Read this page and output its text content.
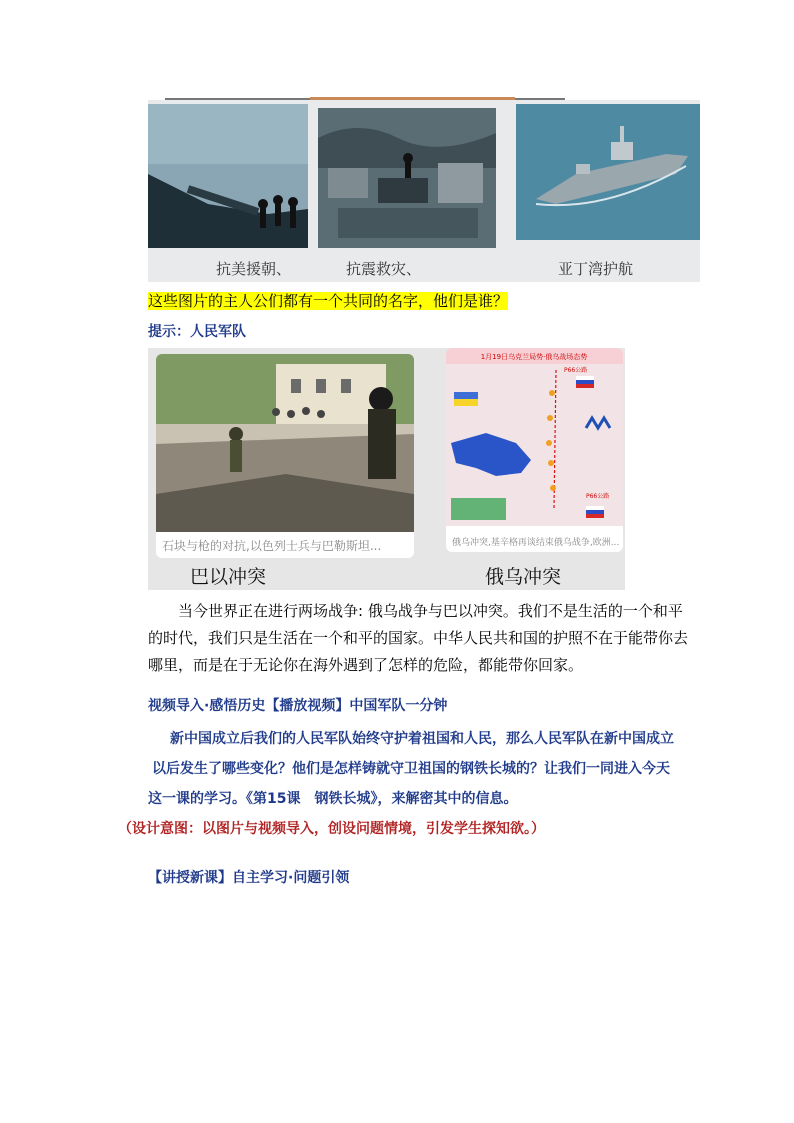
抗美援朝、	抗震救灾、	亚丁湾护航
这些图片的主人公们都有一个共同的名字，他们是谁？
提示：人民军队
石块与枪的对抗,以色列士兵与巴勒斯坦...
1月19日乌克兰局势·俄乌战场态势
P66公路
P66公路
俄乌冲突,基辛格再谈结束俄乌战争,欧洲...
巴以冲突	俄乌冲突
当今世界正在进行两场战争: 俄乌战争与巴以冲突。我们不是生活的一个和平的时代，我们只是生活在一个和平的国家。中华人民共和国的护照不在于能带你去哪里，而是在于无论你在海外遇到了怎样的危险，都能带你回家。
视频导入·感悟历史【播放视频】中国军队一分钟
新中国成立后我们的人民军队始终守护着祖国和人民，那么人民军队在新中国成立
以后发生了哪些变化？他们是怎样铸就守卫祖国的钢铁长城的？让我们一同进入今天
这一课的学习。《第15课　钢铁长城》，来解密其中的信息。
（设计意图：以图片与视频导入，创设问题情境，引发学生探知欲。）
【讲授新课】自主学习·问题引领
